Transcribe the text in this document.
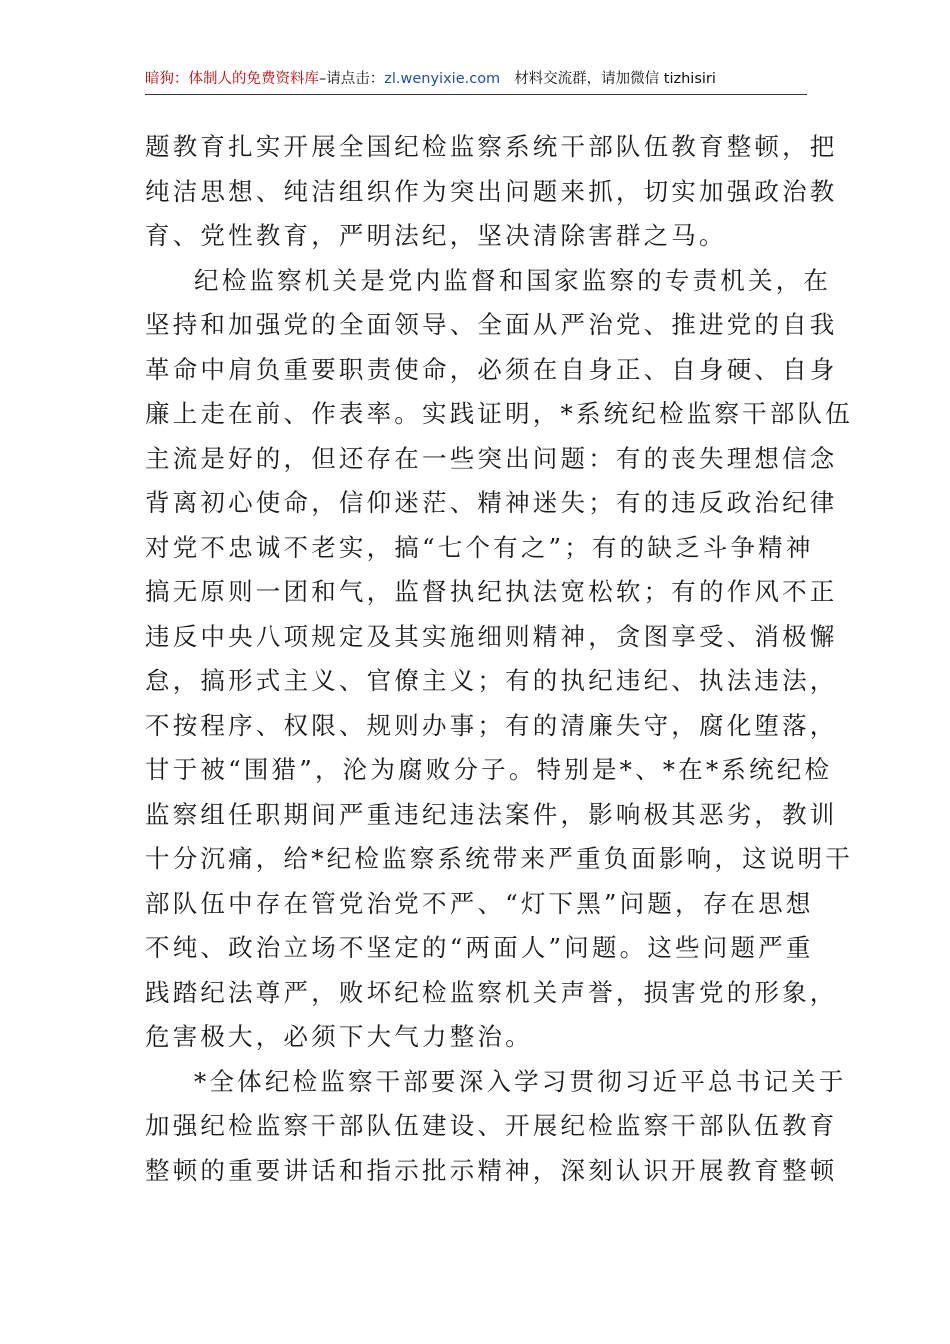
暗狗：体制人的免费资料库–请点击：zl.wenyixie.com 材料交流群，请加微信 tizhisiri

题教育扎实开展全国纪检监察系统干部队伍教育整顿，把
纯洁思想、纯洁组织作为突出问题来抓，切实加强政治教
育、党性教育，严明法纪，坚决清除害群之马。

纪检监察机关是党内监督和国家监察的专责机关，在
坚持和加强党的全面领导、全面从严治党、推进党的自我
革命中肩负重要职责使命，必须在自身正、自身硬、自身
廉上走在前、作表率。实践证明，*系统纪检监察干部队伍
主流是好的，但还存在一些突出问题：有的丧失理想信念
背离初心使命，信仰迷茫、精神迷失；有的违反政治纪律
对党不忠诚不老实，搞“七个有之”；有的缺乏斗争精神
搞无原则一团和气，监督执纪执法宽松软；有的作风不正
违反中央八项规定及其实施细则精神，贪图享受、消极懈
怠，搞形式主义、官僚主义；有的执纪违纪、执法违法，
不按程序、权限、规则办事；有的清廉失守，腐化堕落，
甘于被“围猎”，沦为腐败分子。特别是*、*在*系统纪检
监察组任职期间严重违纪违法案件，影响极其恶劣，教训
十分沉痛，给*纪检监察系统带来严重负面影响，这说明干
部队伍中存在管党治党不严、“灯下黑”问题，存在思想
不纯、政治立场不坚定的“两面人”问题。这些问题严重
践踏纪法尊严，败坏纪检监察机关声誉，损害党的形象，
危害极大，必须下大气力整治。

*全体纪检监察干部要深入学习贯彻习近平总书记关于
加强纪检监察干部队伍建设、开展纪检监察干部队伍教育
整顿的重要讲话和指示批示精神，深刻认识开展教育整顿
